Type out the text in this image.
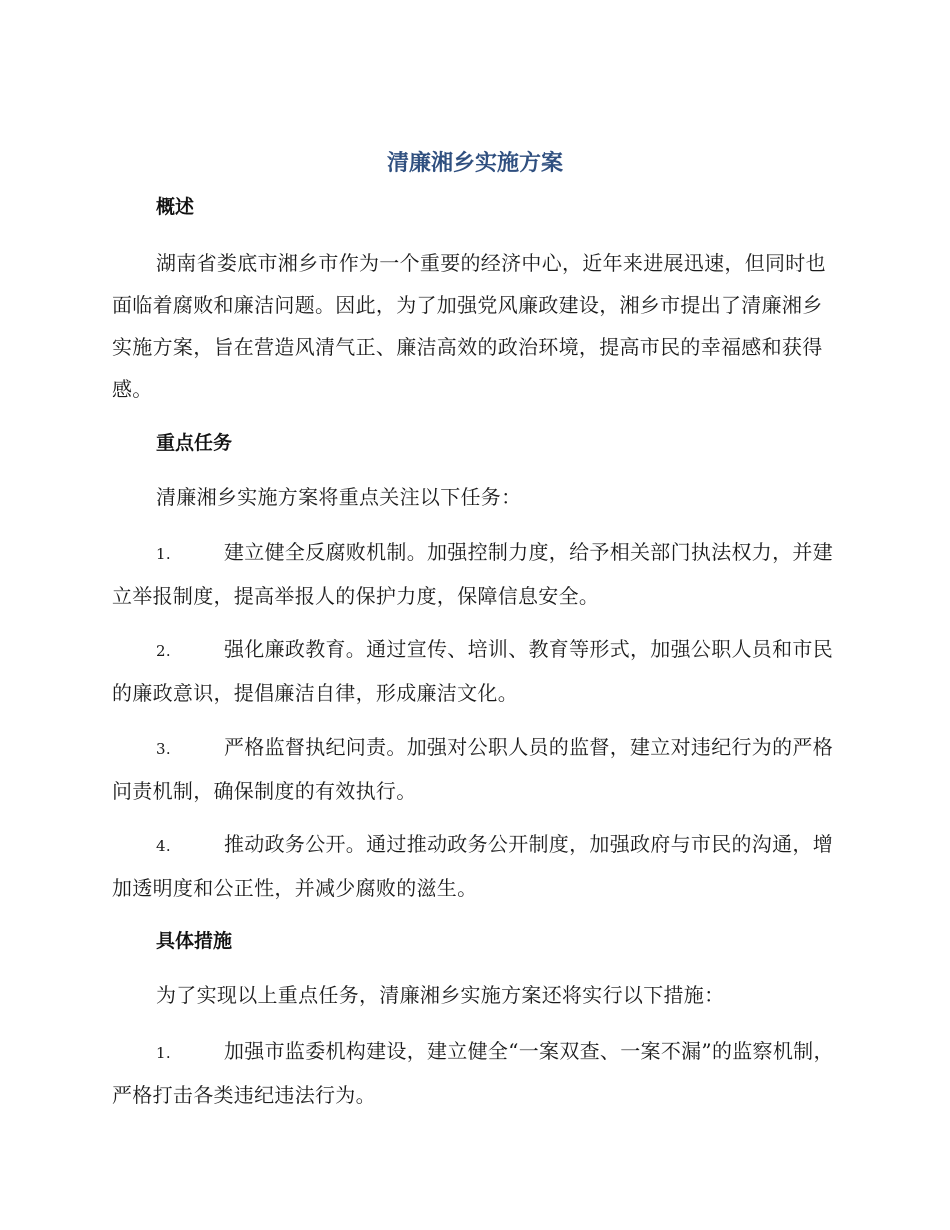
清廉湘乡实施方案
概述

湖南省娄底市湘乡市作为一个重要的经济中心，近年来进展迅速，但同时也面临着腐败和廉洁问题。因此，为了加强党风廉政建设，湘乡市提出了清廉湘乡实施方案，旨在营造风清气正、廉洁高效的政治环境，提高市民的幸福感和获得感。

重点任务

清廉湘乡实施方案将重点关注以下任务：

1.	建立健全反腐败机制。加强控制力度，给予相关部门执法权力，并建立举报制度，提高举报人的保护力度，保障信息安全。

2.	强化廉政教育。通过宣传、培训、教育等形式，加强公职人员和市民的廉政意识，提倡廉洁自律，形成廉洁文化。

3.	严格监督执纪问责。加强对公职人员的监督，建立对违纪行为的严格问责机制，确保制度的有效执行。

4.	推动政务公开。通过推动政务公开制度，加强政府与市民的沟通，增加透明度和公正性，并减少腐败的滋生。

具体措施

为了实现以上重点任务，清廉湘乡实施方案还将实行以下措施：

1.	加强市监委机构建设，建立健全“一案双查、一案不漏”的监察机制，严格打击各类违纪违法行为。
